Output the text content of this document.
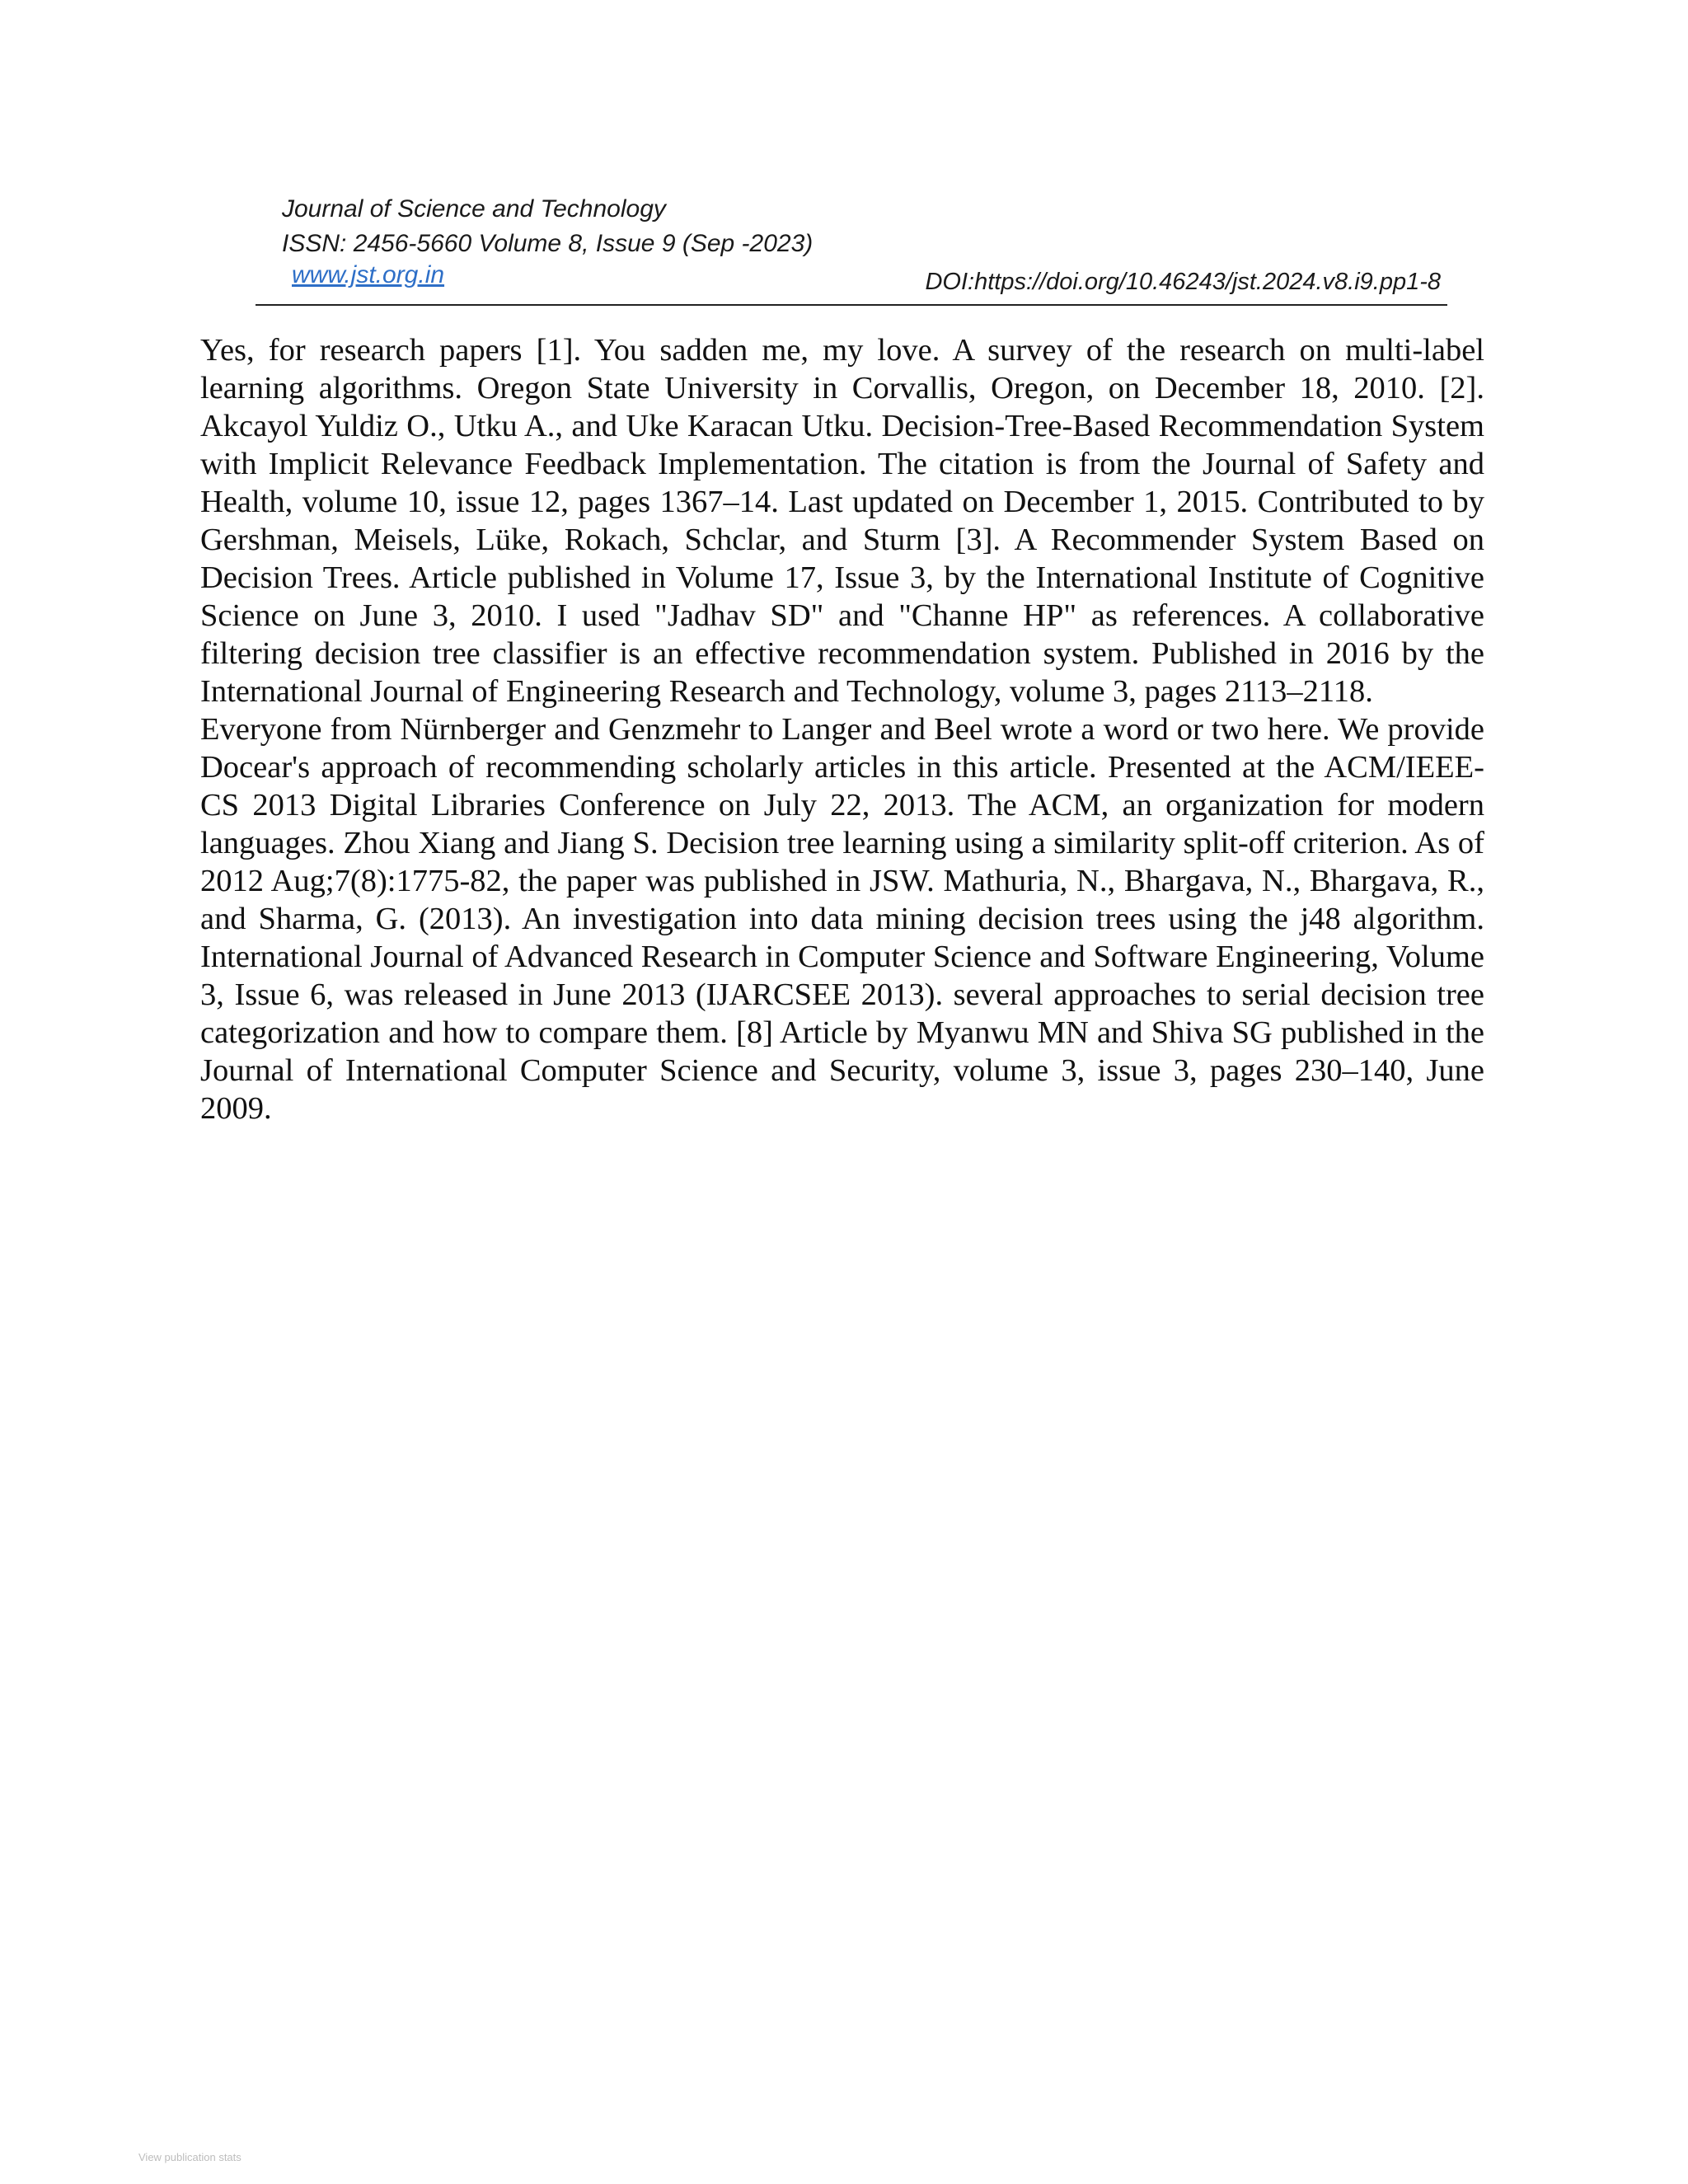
Journal of Science and Technology
ISSN: 2456-5660 Volume 8, Issue 9 (Sep -2023)
www.jst.org.in	DOI:https://doi.org/10.46243/jst.2024.v8.i9.pp1-8

Yes, for research papers [1]. You sadden me, my love. A survey of the research on multi-label learning algorithms. Oregon State University in Corvallis, Oregon, on December 18, 2010. [2]. Akcayol Yuldiz O., Utku A., and Uke Karacan Utku. Decision-Tree-Based Recommendation System with Implicit Relevance Feedback Implementation. The citation is from the Journal of Safety and Health, volume 10, issue 12, pages 1367–14. Last updated on December 1, 2015. Contributed to by Gershman, Meisels, Lüke, Rokach, Schclar, and Sturm [3]. A Recommender System Based on Decision Trees. Article published in Volume 17, Issue 3, by the International Institute of Cognitive Science on June 3, 2010. I used "Jadhav SD" and "Channe HP" as references. A collaborative filtering decision tree classifier is an effective recommendation system. Published in 2016 by the International Journal of Engineering Research and Technology, volume 3, pages 2113–2118.

Everyone from Nürnberger and Genzmehr to Langer and Beel wrote a word or two here. We provide Docear's approach of recommending scholarly articles in this article. Presented at the ACM/IEEE-CS 2013 Digital Libraries Conference on July 22, 2013. The ACM, an organization for modern languages. Zhou Xiang and Jiang S. Decision tree learning using a similarity split-off criterion. As of 2012 Aug;7(8):1775-82, the paper was published in JSW. Mathuria, N., Bhargava, N., Bhargava, R., and Sharma, G. (2013). An investigation into data mining decision trees using the j48 algorithm. International Journal of Advanced Research in Computer Science and Software Engineering, Volume 3, Issue 6, was released in June 2013 (IJARCSEE 2013). several approaches to serial decision tree categorization and how to compare them. [8] Article by Myanwu MN and Shiva SG published in the Journal of International Computer Science and Security, volume 3, issue 3, pages 230–140, June 2009.

View publication stats
